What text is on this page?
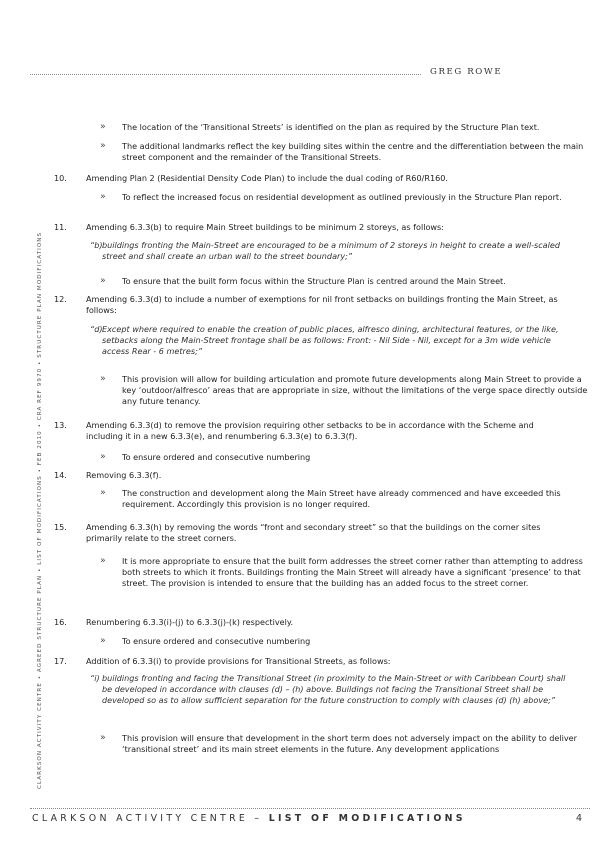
GREG ROWE
CLARKSON ACTIVITY CENTRE • AGREED STRUCTURE PLAN • LIST OF MODIFICATIONS • FEB 2010 • CRA REF 9970 • STRUCTURE PLAN MODIFICATIONS
» The location of the ‘Transitional Streets’ is identified on the plan as required by the Structure Plan text.
» The additional landmarks reflect the key building sites within the centre and the differentiation between the main street component and the remainder of the Transitional Streets.
10. Amending Plan 2 (Residential Density Code Plan) to include the dual coding of R60/R160.
» To reflect the increased focus on residential development as outlined previously in the Structure Plan report.
11. Amending 6.3.3(b) to require Main Street buildings to be minimum 2 storeys, as follows:
“b) buildings fronting the Main-Street are encouraged to be a minimum of 2 storeys in height to create a well-scaled street and shall create an urban wall to the street boundary;”
» To ensure that the built form focus within the Structure Plan is centred around the Main Street.
12. Amending 6.3.3(d) to include a number of exemptions for nil front setbacks on buildings fronting the Main Street, as follows:
“d) Except where required to enable the creation of public places, alfresco dining, architectural features, or the like, setbacks along the Main-Street frontage shall be as follows: Front: - Nil Side - Nil, except for a 3m wide vehicle access Rear - 6 metres;”
» This provision will allow for building articulation and promote future developments along Main Street to provide a key ‘outdoor/alfresco’ areas that are appropriate in size, without the limitations of the verge space directly outside any future tenancy.
13. Amending 6.3.3(d) to remove the provision requiring other setbacks to be in accordance with the Scheme and including it in a new 6.3.3(e), and renumbering 6.3.3(e) to 6.3.3(f).
» To ensure ordered and consecutive numbering
14. Removing 6.3.3(f).
» The construction and development along the Main Street have already commenced and have exceeded this requirement. Accordingly this provision is no longer required.
15. Amending 6.3.3(h) by removing the words “front and secondary street” so that the buildings on the corner sites primarily relate to the street corners.
» It is more appropriate to ensure that the built form addresses the street corner rather than attempting to address both streets to which it fronts. Buildings fronting the Main Street will already have a significant ‘presence’ to that street. The provision is intended to ensure that the building has an added focus to the street corner.
16. Renumbering 6.3.3(i)-(j) to 6.3.3(j)-(k) respectively.
» To ensure ordered and consecutive numbering
17. Addition of 6.3.3(i) to provide provisions for Transitional Streets, as follows:
“i) buildings fronting and facing the Transitional Street (in proximity to the Main-Street or with Caribbean Court) shall be developed in accordance with clauses (d) – (h) above. Buildings not facing the Transitional Street shall be developed so as to allow sufficient separation for the future construction to comply with clauses (d) (h) above;”
» This provision will ensure that development in the short term does not adversely impact on the ability to deliver ‘transitional street’ and its main street elements in the future. Any development applications
CLARKSON ACTIVITY CENTRE – LIST OF MODIFICATIONS	4
